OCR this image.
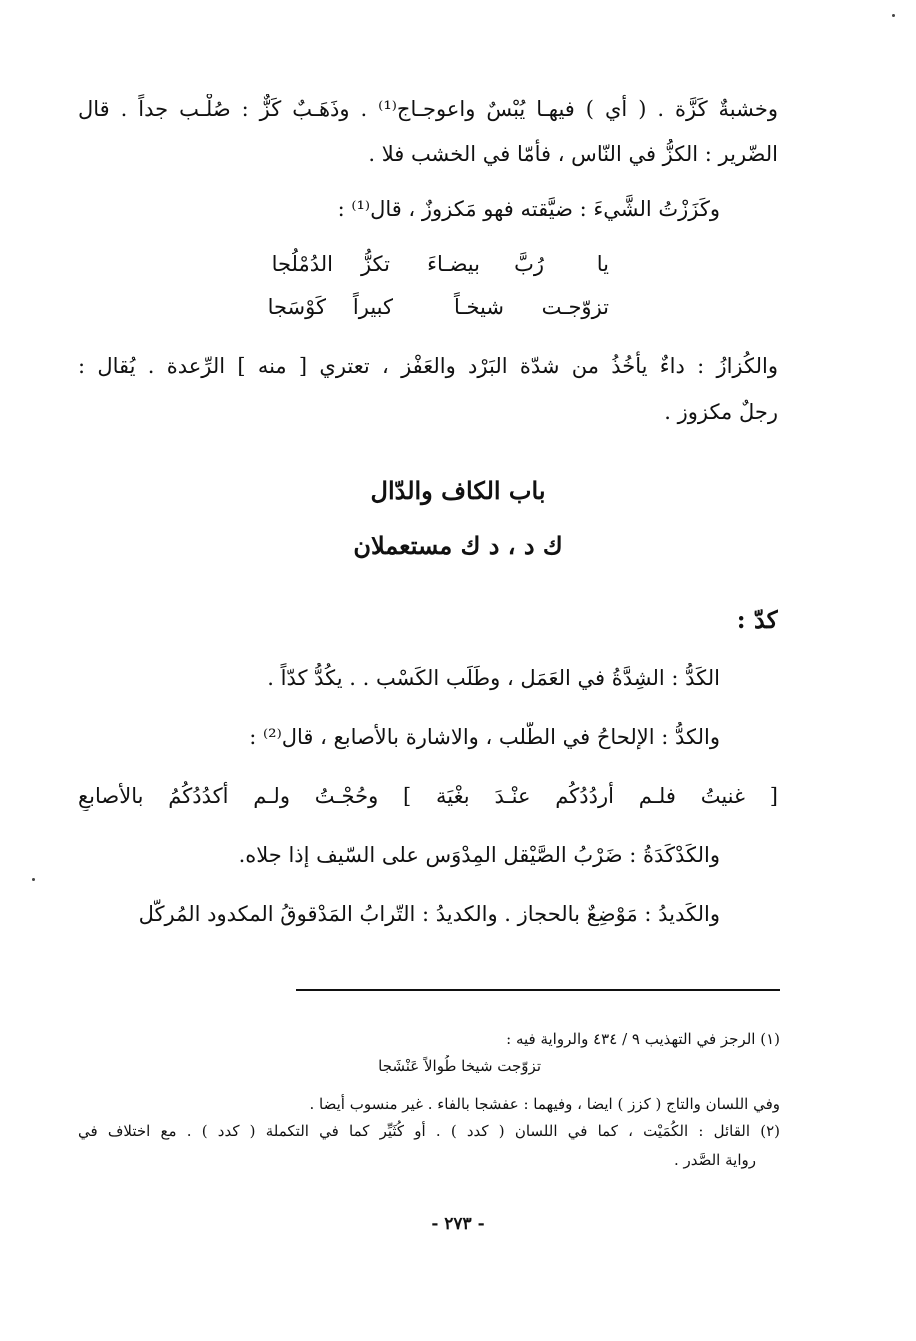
وخشبةٌ كَزَّة . ( أي ) فيهـا يُبْسٌ واعوجـاج⁽¹⁾ . وذَهَـبٌ كَزٌّ : صُلْـب جداً . قال
الضّرير : الكزُّ في النّاس ، فأمّا في الخشب فلا .
وكَزَزْتُ الشَّيءَ : ضيَّقته فهو مَكزوزٌ ، قال⁽¹⁾ :
يا
رُبَّ
بيضـاءَ
تكزُّ
الدُمْلُجا
تزوّجـت
شيخـاً
كبيراً
كَوْسَجا
والكُزازُ : داءٌ يأخُذُ من شدّة البَرْد والعَفْز ، تعتري [ منه ] الرِّعدة . يُقال :
رجلٌ مكزوز .
باب الكاف والدّال
ك د ، د ك مستعملان
كدّ :
الكَدُّ : الشِدَّةُ في العَمَل ، وطَلَب الكَسْب . . يكُدُّ كدّاً .
والكدُّ : الإلحاحُ في الطّلب ، والاشارة بالأصابع ، قال⁽²⁾ :
[ غنيتُ فلـم أردُدُكُم عنْـدَ بغْيَة ] وحُجْـتُ ولـم أكدُدُكُمُ بالأصابعِ
والكَدْكَدَةُ : ضَرْبُ الصَّيْقل المِدْوَس على السّيف إذا جلاه.
والكَديدُ : مَوْضِعٌ بالحجاز . والكديدُ : التّرابُ المَدْقوقُ المكدود المُركَّل
(١) الرجز في التهذيب ٩ / ٤٣٤ والرواية فيه :
تزوّجت شيخا طُوالاً عَنْشَجا
وفي اللسان والتاج ( كزز ) ايضا ، وفيهما : عفشجا بالفاء . غير منسوب أيضا .
(٢) القائل : الكُمَيْت ، كما في اللسان ( كدد ) . أو كُثَيِّر كما في التكملة ( كدد ) . مع اختلاف في
رواية الصَّدر .
- ٢٧٣ -
